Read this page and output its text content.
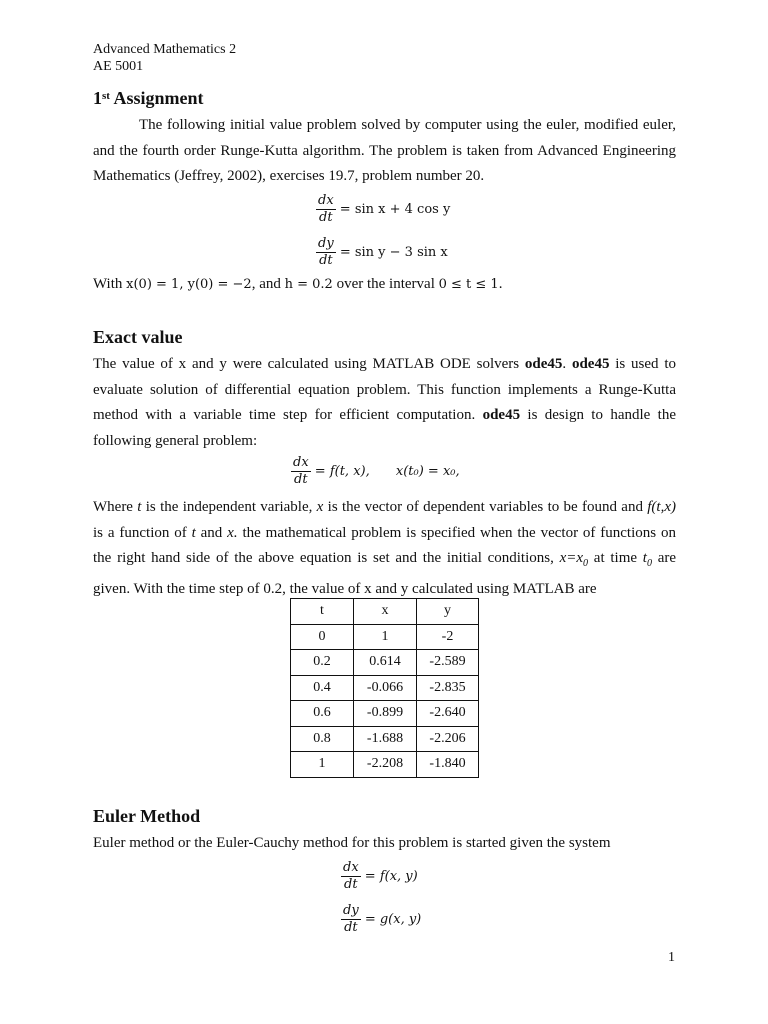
Advanced Mathematics 2
AE 5001
1st Assignment
The following initial value problem solved by computer using the euler, modified euler, and the fourth order Runge-Kutta algorithm. The problem is taken from Advanced Engineering Mathematics (Jeffrey, 2002), exercises 19.7, problem number 20.
$\frac{dx}{dt} = \sin x + 4$ cos y
$\frac{dy}{dt} = \sin y - 3$ sin x
With x(0) = 1, y(0) = −2, and h = 0.2 over the interval 0 ≤ t ≤ 1.
Exact value
The value of x and y were calculated using MATLAB ODE solvers ode45. ode45 is used to evaluate solution of differential equation problem. This function implements a Runge-Kutta method with a variable time step for efficient computation. ode45 is design to handle the following general problem:
$\frac{dx}{dt} = f(t$, x), x(t₀) = x₀,
Where t is the independent variable, x is the vector of dependent variables to be found and f(t,x) is a function of t and x. the mathematical problem is specified when the vector of functions on the right hand side of the above equation is set and the initial conditions, $x=x_0$ at time $t_0$ are given. With the time step of 0.2, the value of x and y calculated using MATLAB are
t	x	y
0	1	-2
0.2	0.614	-2.589
0.4	-0.066	-2.835
0.6	-0.899	-2.640
0.8	-1.688	-2.206
1	-2.208	-1.840
Euler Method
Euler method or the Euler-Cauchy method for this problem is started given the system
$\frac{dx}{dt} = f(x$, y)
$\frac{dy}{dt} = g(x$, y)
1
